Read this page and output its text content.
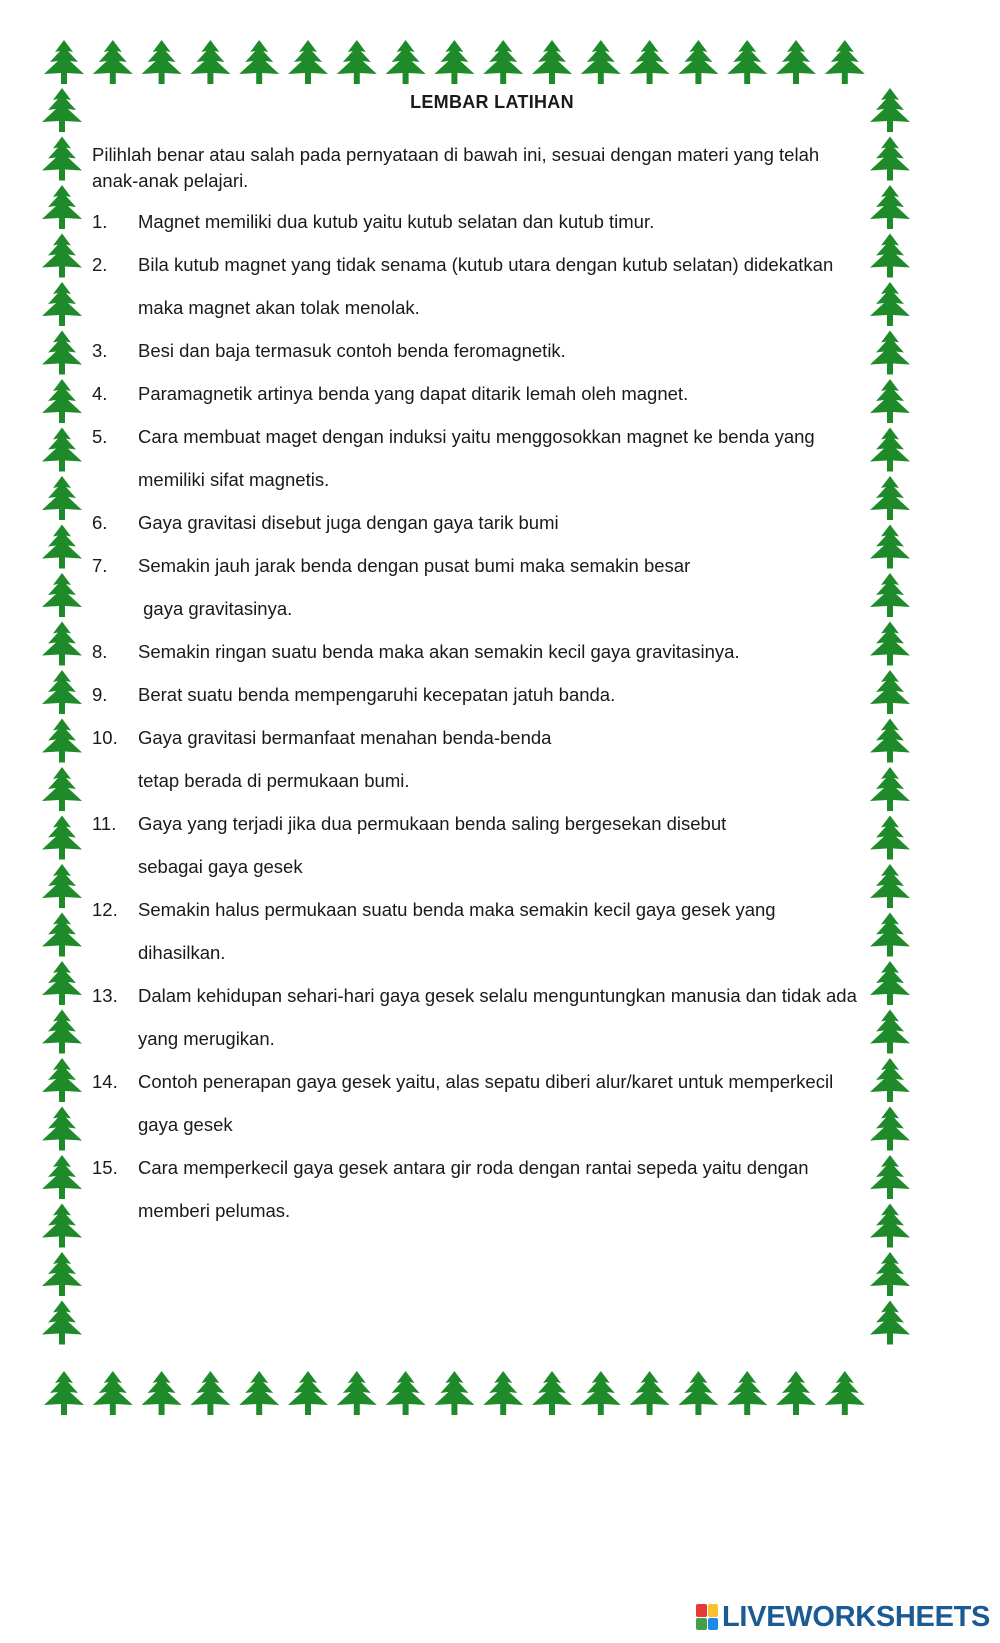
LEMBAR LATIHAN
Pilihlah benar atau salah pada pernyataan di bawah ini, sesuai dengan materi yang telah
anak-anak pelajari.
1.	Magnet memiliki dua kutub yaitu kutub selatan dan kutub timur.
2.	Bila kutub magnet yang tidak senama (kutub utara dengan kutub selatan) didekatkan
maka magnet akan tolak menolak.
3.	Besi dan baja termasuk contoh benda feromagnetik.
4.	Paramagnetik artinya benda yang dapat ditarik lemah oleh magnet.
5.	Cara membuat maget dengan induksi yaitu menggosokkan magnet ke benda yang
memiliki sifat magnetis.
6.	Gaya gravitasi disebut juga dengan gaya tarik bumi
7.	Semakin jauh jarak benda dengan pusat bumi maka semakin besar
gaya gravitasinya.
8.	Semakin ringan suatu benda maka akan semakin kecil gaya gravitasinya.
9.	Berat suatu benda mempengaruhi kecepatan jatuh banda.
10.	Gaya gravitasi bermanfaat menahan benda-benda
tetap berada di permukaan bumi.
11.	Gaya yang terjadi jika dua permukaan benda saling bergesekan disebut
sebagai gaya gesek
12.	Semakin halus permukaan suatu benda maka semakin kecil gaya gesek yang
dihasilkan.
13.	Dalam kehidupan sehari-hari gaya gesek selalu menguntungkan manusia dan tidak ada
yang merugikan.
14.	Contoh penerapan gaya gesek yaitu, alas sepatu diberi alur/karet untuk memperkecil
gaya gesek
15.	Cara memperkecil gaya gesek antara gir roda dengan rantai sepeda yaitu dengan
memberi pelumas.
LIVEWORKSHEETS
